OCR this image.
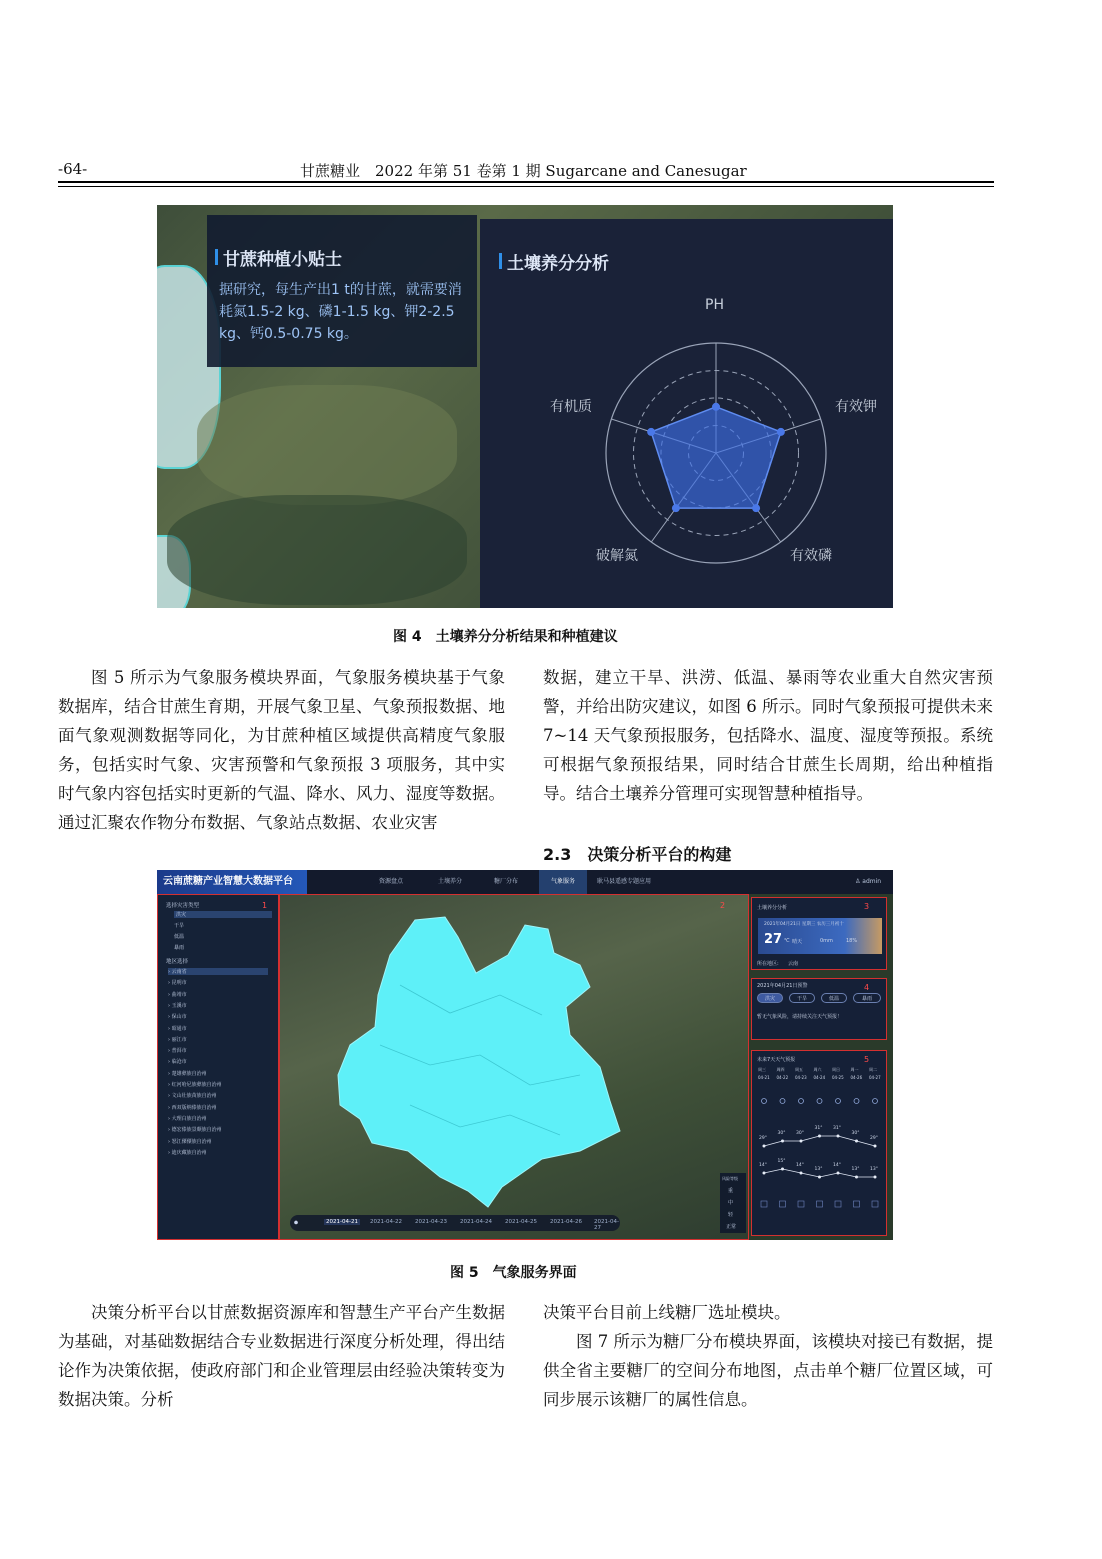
-64-	甘蔗糖业　2022 年第 51 卷第 1 期 Sugarcane and Canesugar
甘蔗种植小贴士
据研究，每生产出1 t的甘蔗，就需要消耗氮1.5-2 kg、磷1-1.5 kg、钾2-2.5 kg、钙0.5-0.75 kg。
土壤养分分析
PH
有效钾
有效磷
破解氮
有机质
图 4　土壤养分分析结果和种植建议
图 5 所示为气象服务模块界面，气象服务模块基于气象数据库，结合甘蔗生育期，开展气象卫星、气象预报数据、地面气象观测数据等同化，为甘蔗种植区域提供高精度气象服务，包括实时气象、灾害预警和气象预报 3 项服务，其中实时气象内容包括实时更新的气温、降水、风力、湿度等数据。通过汇聚农作物分布数据、气象站点数据、农业灾害
数据，建立干旱、洪涝、低温、暴雨等农业重大自然灾害预警，并给出防灾建议，如图 6 所示。同时气象预报可提供未来 7~14 天气象预报服务，包括降水、温度、湿度等预报。系统可根据气象预报结果，同时结合甘蔗生长周期，给出种植指导。结合土壤养分管理可实现智慧种植指导。
2.3　决策分析平台的构建
云南蔗糖产业智慧大数据平台	资源盘点	土壤养分	糖厂分布	气象服务	耿马县遥感专题应用	♙ admin
2
⏺	2021-04-21	2021-04-22 2021-04-23 2021-04-24 2021-04-25 2021-04-26 2021-04-27
风险等级
重
中
轻
正常
1
选择灾害类型
洪灾
干旱
低温
暴雨
地区选择
› 云南省
› 昆明市
› 曲靖市
› 玉溪市
› 保山市
› 昭通市
› 丽江市
› 普洱市
› 临沧市
› 楚雄彝族自治州
› 红河哈尼族彝族自治州
› 文山壮族苗族自治州
› 西双版纳傣族自治州
› 大理白族自治州
› 德宏傣族景颇族自治州
› 怒江傈僳族自治州
› 迪庆藏族自治州
3
土壤养分分析
2021年04月21日 星期三 农历三月初十
27 ℃ 晴天	0mm	18%
所在地区: 云南
4
2021年04月21日预警
洪灾	干旱	低温	暴雨
暂无气象风险，请持续关注天气预报！
5
未来7天天气预报
周三
04-21
29°
14°
周四
04-22
30°
15°
周五
04-23
30°
14°
周六
04-24
31°
13°
周日
04-25
31°
14°
周一
04-26
30°
13°
周二
04-27
29°
13°
图 5　气象服务界面
决策分析平台以甘蔗数据资源库和智慧生产平台产生数据为基础，对基础数据结合专业数据进行深度分析处理，得出结论作为决策依据，使政府部门和企业管理层由经验决策转变为数据决策。分析
决策平台目前上线糖厂选址模块。
图 7 所示为糖厂分布模块界面，该模块对接已有数据，提供全省主要糖厂的空间分布地图，点击单个糖厂位置区域，可同步展示该糖厂的属性信息。
